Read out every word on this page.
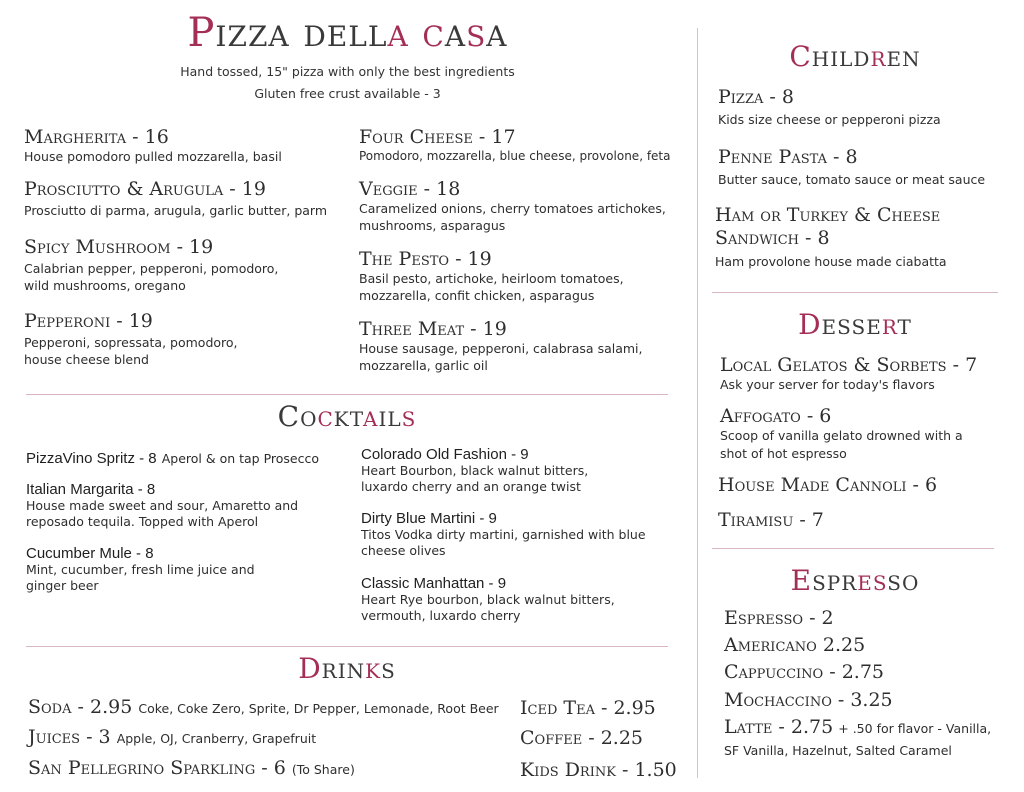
Pizza della casa
Hand tossed, 15" pizza with only the best ingredients
Gluten free crust available - 3
Margherita - 16
House pomodoro pulled mozzarella, basil
Prosciutto & Arugula - 19
Prosciutto di parma, arugula, garlic butter, parm
Spicy Mushroom - 19
Calabrian pepper, pepperoni, pomodoro,
wild mushrooms, oregano
Pepperoni - 19
Pepperoni, sopressata, pomodoro,
house cheese blend
Four Cheese - 17
Pomodoro, mozzarella, blue cheese, provolone, feta
Veggie - 18
Caramelized onions, cherry tomatoes artichokes,
mushrooms, asparagus
The Pesto - 19
Basil pesto, artichoke, heirloom tomatoes,
mozzarella, confit chicken, asparagus
Three Meat - 19
House sausage, pepperoni, calabrasa salami,
mozzarella, garlic oil
Cocktails
PizzaVino Spritz - 8 Aperol & on tap Prosecco
Italian Margarita - 8
House made sweet and sour, Amaretto and
reposado tequila. Topped with Aperol
Cucumber Mule - 8
Mint, cucumber, fresh lime juice and
ginger beer
Colorado Old Fashion - 9
Heart Bourbon, black walnut bitters,
luxardo cherry and an orange twist
Dirty Blue Martini - 9
Titos Vodka dirty martini, garnished with blue
cheese olives
Classic Manhattan - 9
Heart Rye bourbon, black walnut bitters,
vermouth, luxardo cherry
Drinks
Soda - 2.95 Coke, Coke Zero, Sprite, Dr Pepper, Lemonade, Root Beer
Juices - 3 Apple, OJ, Cranberry, Grapefruit
San Pellegrino Sparkling - 6 (To Share)
Iced Tea - 2.95
Coffee - 2.25
Kids Drink - 1.50
Children
Pizza - 8
Kids size cheese or pepperoni pizza
Penne Pasta - 8
Butter sauce, tomato sauce or meat sauce
Ham or Turkey & Cheese
Sandwich - 8
Ham provolone house made ciabatta
Dessert
Local Gelatos & Sorbets - 7
Ask your server for today's flavors
Affogato - 6
Scoop of vanilla gelato drowned with a
shot of hot espresso
House Made Cannoli - 6
Tiramisu - 7
Espresso
Espresso - 2
Americano 2.25
Cappuccino - 2.75
Mochaccino - 3.25
Latte - 2.75 + .50 for flavor - Vanilla,
SF Vanilla, Hazelnut, Salted Caramel
